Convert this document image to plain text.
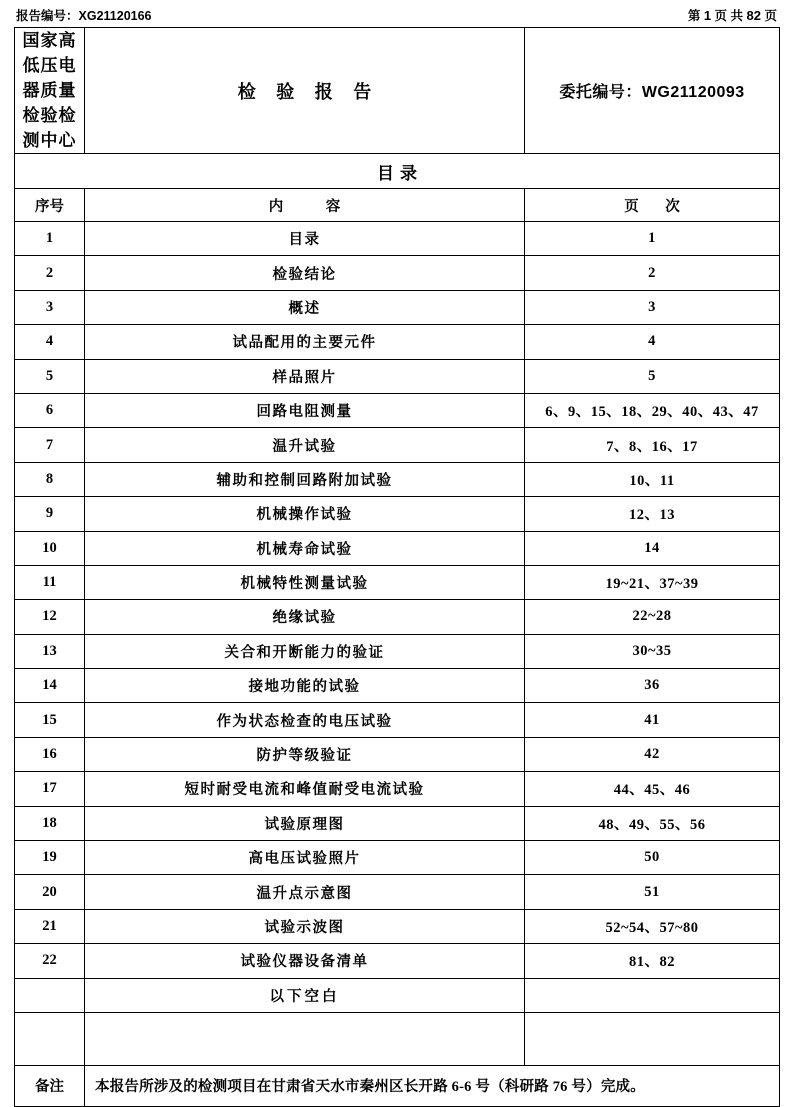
报告编号：XG21120166	第 1 页 共 82 页
国家高低压电器质量
检验检测中心	检 验 报 告	委托编号：WG21120093
目录		
序号	内　容	页　次
1	目录	1
2	检验结论	2
3	概述	3
4	试品配用的主要元件	4
5	样品照片	5
6	回路电阻测量	6、9、15、18、29、40、43、47
7	温升试验	7、8、16、17
8	辅助和控制回路附加试验	10、11
9	机械操作试验	12、13
10	机械寿命试验	14
11	机械特性测量试验	19~21、37~39
12	绝缘试验	22~28
13	关合和开断能力的验证	30~35
14	接地功能的试验	36
15	作为状态检查的电压试验	41
16	防护等级验证	42
17	短时耐受电流和峰值耐受电流试验	44、45、46
18	试验原理图	48、49、55、56
19	高电压试验照片	50
20	温升点示意图	51
21	试验示波图	52~54、57~80
22	试验仪器设备清单	81、82
	以下空白	

备注	本报告所涉及的检测项目在甘肃省天水市秦州区长开路 6-6 号（科研路 76 号）完成。	
